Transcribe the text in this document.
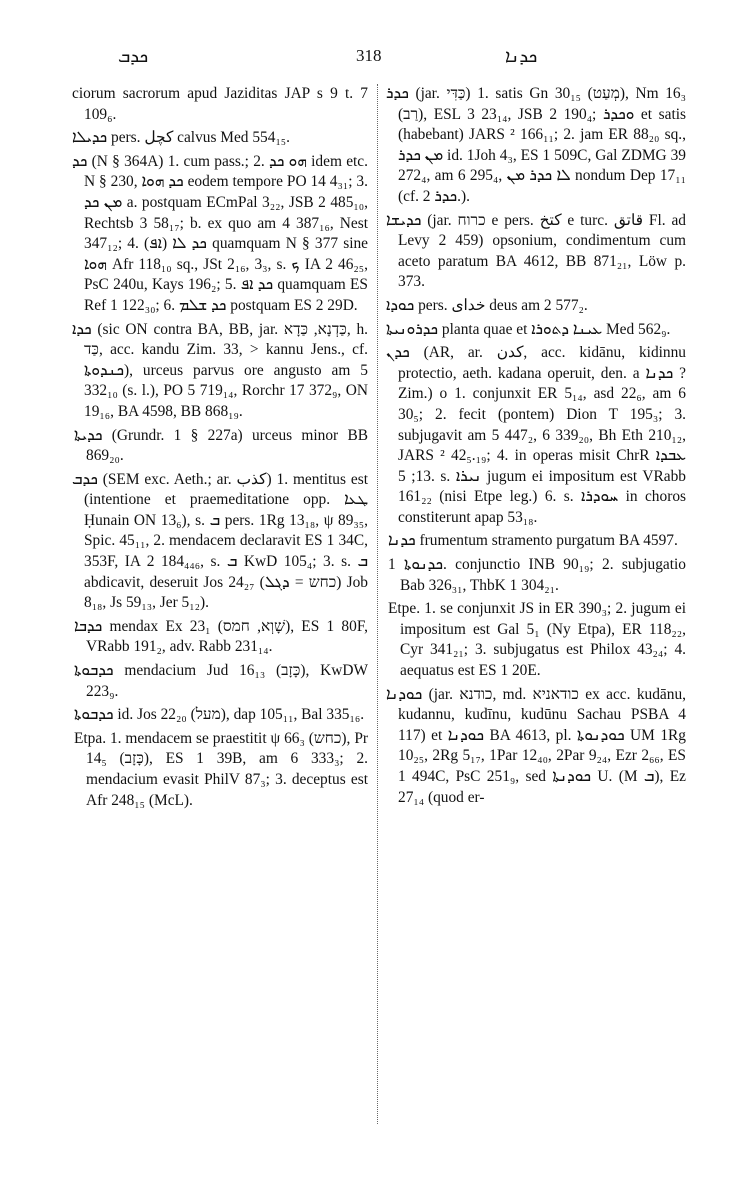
ܟܕܒ	318	ܟܕܢܐ

ciorum sacrorum apud Jaziditas JAP s 9 t. 7 109₆.

ܟܕܝܠܐ pers. کچل calvus Med 554₁₅.

ܟܕ (N § 364A) 1. cum pass.; 2. ܗܘ ܟܕ idem etc. N § 230, ܟܕ ܗܘܐ eodem tempore PO 14 4₃₁; 3. ܡܢ ܟܕ a. postquam ECmPal 3₂₂, JSB 2 485₁₀, Rechtsb 3 58₁₇; b. ex quo am 4 387₁₆, Nest 347₁₂; 4. (ܐܦ) ܟܕ ܠܐ quamquam N § 377 sine ܗܘܐ Afr 118₁₀ sq., JSt 2₁₆, 3₃, s. ܟ IA 2 46₂₅, PsC 240u, Kays 196₂; 5. ܟܕ ܐܦ quamquam ES Ref 1 122₃₀; 6. ܟܕ ܫܠܡ postquam ES 2 29D.

ܟܕܐ (sic ON contra BA, BB, jar. כַּדְנָא, כַּדָא, h. כַּד, acc. kandu Zim. 33, > kannu Jens., cf. ܟܢܕܘܬܐ), urceus parvus ore angusto am 5 332₁₀ (s. l.), PO 5 719₁₄, Rorchr 17 372₉, ON 19₁₆, BA 4598, BB 868₁₉.

ܟܕܝܬܐ (Grundr. 1 § 227a) urceus minor BB 869₂₀.

ܟܕܒ (SEM exc. Aeth.; ar. كذب) 1. mentitus est (intentione et praemeditatione opp. ܛܥܐ Ḥunain ON 13₆), s. ܒ pers. 1Rg 13₁₈, ψ 89₃₅, Spic. 45₁₁, 2. mendacem declaravit ES 1 34C, 353F, IA 2 184₄₄₆, s. ܒ KwD 105₄; 3. s. ܒ abdicavit, deseruit Jos 24₂₇ (כחש = ܕܓܠ) Job 8₁₈, Js 59₁₃, Jer 5₁₂).

ܟܕܒܐ mendax Ex 23₁ (שָׁוְא, חמס), ES 1 80F, VRabb 191₂, adv. Rabb 231₁₄.

ܟܕܒܘܬܐ mendacium Jud 16₁₃ (כָּזָב), KwDW 223₉.

ܟܕܒܘܬܐ id. Jos 22₂₀ (מעל), dap 105₁₁, Bal 335₁₆.

Etpa. 1. mendacem se praestitit ψ 66₃ (כחש), Pr 14₅ (כָּזָב), ES 1 39B, am 6 333₃; 2. mendacium evasit PhilV 87₃; 3. deceptus est Afr 248₁₅ (McL).

ܟܕܪ (jar. כַּדִּי) 1. satis Gn 30₁₅ (מְעַט), Nm 16₃ (רַב), ESL 3 23₁₄, JSB 2 190₄; ܘܟܕܪ et satis (habebant) JARS ² 166₁₁; 2. jam ER 88₂₀ sq., ܡܢ ܟܕܪ id. 1Joh 4₃, ES 1 509C, Gal ZDMG 39 272₄, am 6 295₄, ܠܐ ܟܕܪ ܡܢ nondum Dep 17₁₁ (cf. ܟܕܪ 2.).

ܟܕܝܫܐ (jar. כרוח e pers. کتخ e turc. قاتق Fl. ad Levy 2 459) opsonium, condimentum cum aceto paratum BA 4612, BB 871₂₁, Löw p. 373.

ܟܘܕܐ pers. خداى deus am 2 577₂.

ܟܕܪܘܢܝܬܐ planta quae et ܥܝܢܐ ܕܬܘܪܐ Med 562₉.

ܟܕܢ (AR, ar. كدن, acc. kidānu, kidinnu protectio, aeth. kadana operuit, den. a ܟܕܢܐ ? Zim.) o 1. conjunxit ER 5₁₄, asd 22₆, am 6 30₅; 2. fecit (pontem) Dion T 195₃; 3. subjugavit am 5 447₂, 6 339₂₀, Bh Eth 210₁₂, JARS ² 42₅.₁₉; 4. in operas misit ChrR ܥܒܕܐ 13; 5. s. ܢܝܪܐ jugum ei impositum est VRabb 161₂₂ (nisi Etpe leg.) 6. s. ܚܘܕܪܐ in choros constiterunt apap 53₁₈.

ܟܕܢܐ frumentum stramento purgatum BA 4597.

ܟܕܢܘܬܐ 1. conjunctio INB 90₁₉; 2. subjugatio Bab 326₃₁, ThbK 1 304₂₁.

Etpe. 1. se conjunxit JS in ER 390₃; 2. jugum ei impositum est Gal 5₁ (Ny Etpa), ER 118₂₂, Cyr 341₂₁; 3. subjugatus est Philox 43₂₄; 4. aequatus est ES 1 20E.

ܟܘܕܢܐ (jar. כודנא, md. כודאניא ex acc. kudānu, kudannu, kudīnu, kudūnu Sachau PSBA 4 117) et ܟܘܕܢܐ BA 4613, pl. ܟܘܕܢܘܬܐ UM 1Rg 10₂₅, 2Rg 5₁₇, 1Par 12₄₀, 2Par 9₂₄, Ezr 2₆₆, ES 1 494C, PsC 251₉, sed ܟܘܕܢܬܐ U. (M ܒ), Ez 27₁₄ (quod er-
